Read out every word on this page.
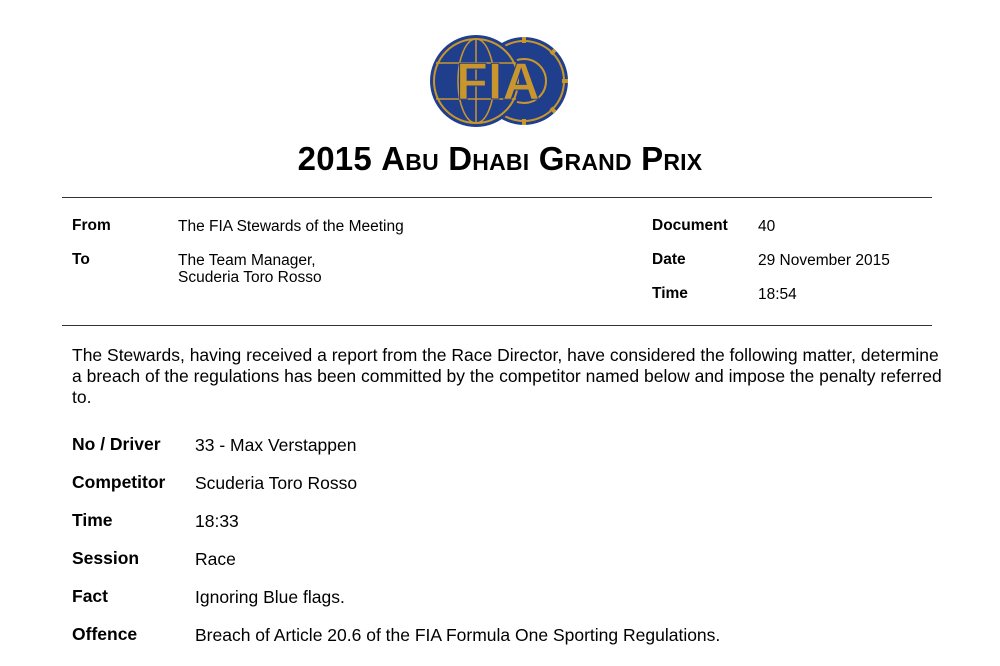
FIA
2015 Abu Dhabi Grand Prix
From	The FIA Stewards of the Meeting
To	The Team Manager,
Scuderia Toro Rosso
Document 40
Date	29 November 2015
Time	18:54
The Stewards, having received a report from the Race Director, have considered the following matter, determine a breach of the regulations has been committed by the competitor named below and impose the penalty referred to.
No / Driver 33 - Max Verstappen
Competitor Scuderia Toro Rosso
Time	18:33
Session	Race
Fact	Ignoring Blue flags.
Offence	Breach of Article 20.6 of the FIA Formula One Sporting Regulations.
